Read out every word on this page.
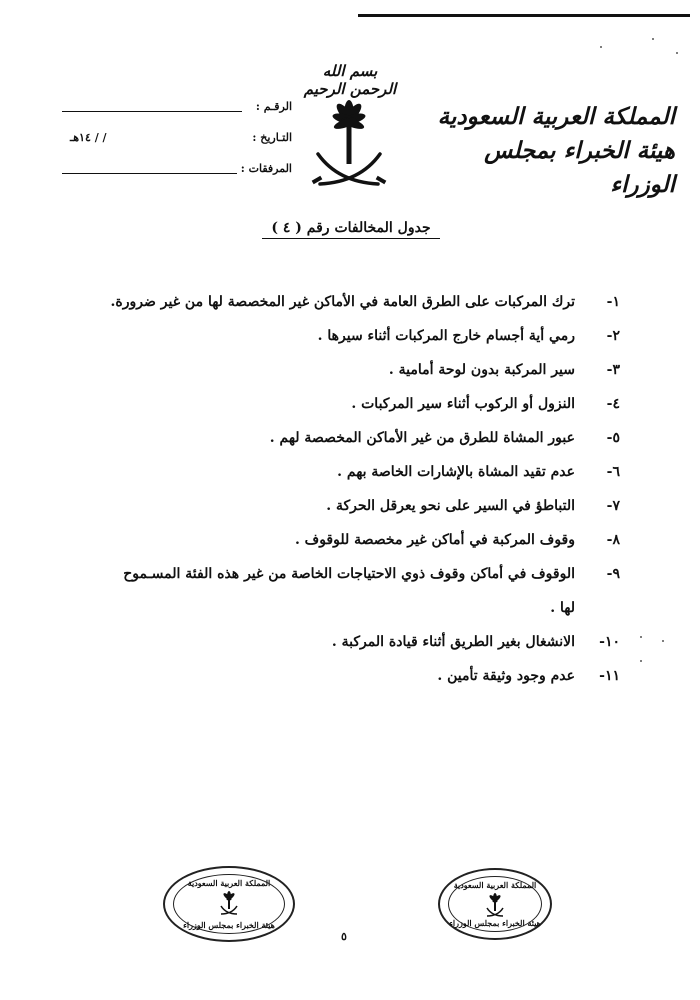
بسم الله الرحمن الرحيم
المملكة العربية السعودية
هيئة الخبراء بمجلس الوزراء
الرقـم :
التـاريخ :
١٤هـ / /
المرفقات :
جدول المخالفات رقم ( ٤ )
١-
ترك المركبات على الطرق العامة في الأماكن غير المخصصة لها من غير ضرورة.
٢-
رمي أية أجسام خارج المركبات أثناء سيرها .
٣-
سير المركبة بدون لوحة أمامية .
٤-
النزول أو الركوب أثناء سير المركبات .
٥-
عبور المشاة للطرق من غير الأماكن المخصصة لهم .
٦-
عدم تقيد المشاة بالإشارات الخاصة بهم .
٧-
التباطؤ في السير على نحو يعرقل الحركة .
٨-
وقوف المركبة في أماكن غير مخصصة للوقوف .
٩-
الوقوف في أماكن وقوف ذوي الاحتياجات الخاصة من غير هذه الفئة المسـموح
لها .
١٠-
الانشغال بغير الطريق أثناء قيادة المركبة .
١١-
عدم وجود وثيقة تأمين .
المملكة العربية السعودية
هيئة الخبراء بمجلس الوزراء
المملكة العربية السعودية
هيئة الخبراء بمجلس الوزراء
٥
